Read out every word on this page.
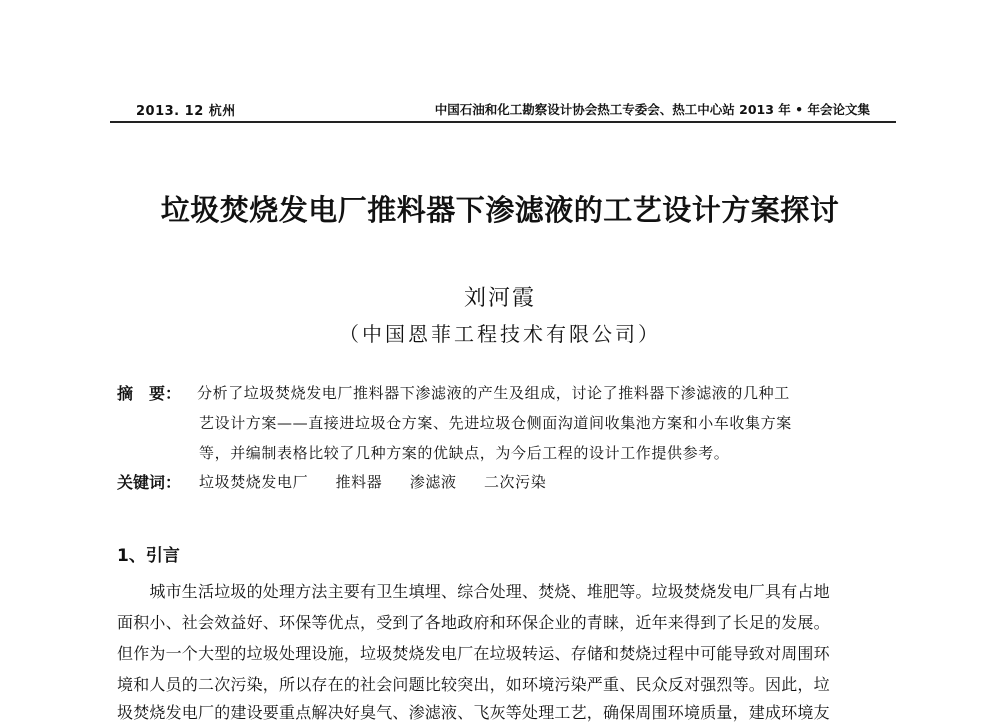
2013. 12 杭州	中国石油和化工勘察设计协会热工专委会、热工中心站 2013 年 • 年会论文集
垃圾焚烧发电厂推料器下渗滤液的工艺设计方案探讨
刘河霞
（中国恩菲工程技术有限公司）
摘　要： 分析了垃圾焚烧发电厂推料器下渗滤液的产生及组成，讨论了推料器下渗滤液的几种工
艺设计方案——直接进垃圾仓方案、先进垃圾仓侧面沟道间收集池方案和小车收集方案
等，并编制表格比较了几种方案的优缺点，为今后工程的设计工作提供参考。
关键词： 垃圾焚烧发电厂 推料器 渗滤液 二次污染
1、引言
　　城市生活垃圾的处理方法主要有卫生填埋、综合处理、焚烧、堆肥等。垃圾焚烧发电厂具有占地
面积小、社会效益好、环保等优点，受到了各地政府和环保企业的青睐，近年来得到了长足的发展。
但作为一个大型的垃圾处理设施，垃圾焚烧发电厂在垃圾转运、存储和焚烧过程中可能导致对周围环
境和人员的二次污染，所以存在的社会问题比较突出，如环境污染严重、民众反对强烈等。因此，垃
圾焚烧发电厂的建设要重点解决好臭气、渗滤液、飞灰等处理工艺，确保周围环境质量，建成环境友
